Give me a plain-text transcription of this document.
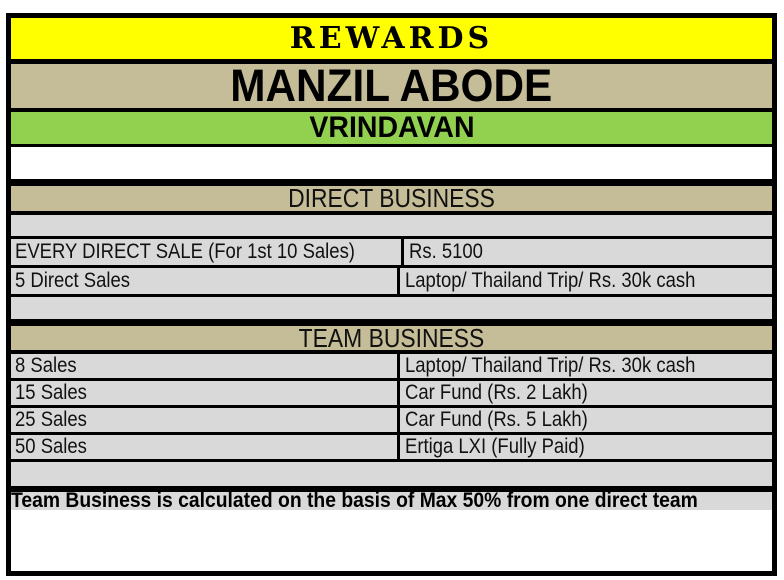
REWARDS
MANZIL ABODE
VRINDAVAN
DIRECT BUSINESS
EVERY DIRECT SALE (For 1st 10 Sales)	Rs. 5100
5 Direct Sales	Laptop/ Thailand Trip/ Rs. 30k cash
TEAM BUSINESS
8 Sales	Laptop/ Thailand Trip/ Rs. 30k cash
15 Sales	Car Fund (Rs. 2 Lakh)
25 Sales	Car Fund (Rs. 5 Lakh)
50 Sales	Ertiga LXI (Fully Paid)
Team Business is calculated on the basis of Max 50% from one direct team
